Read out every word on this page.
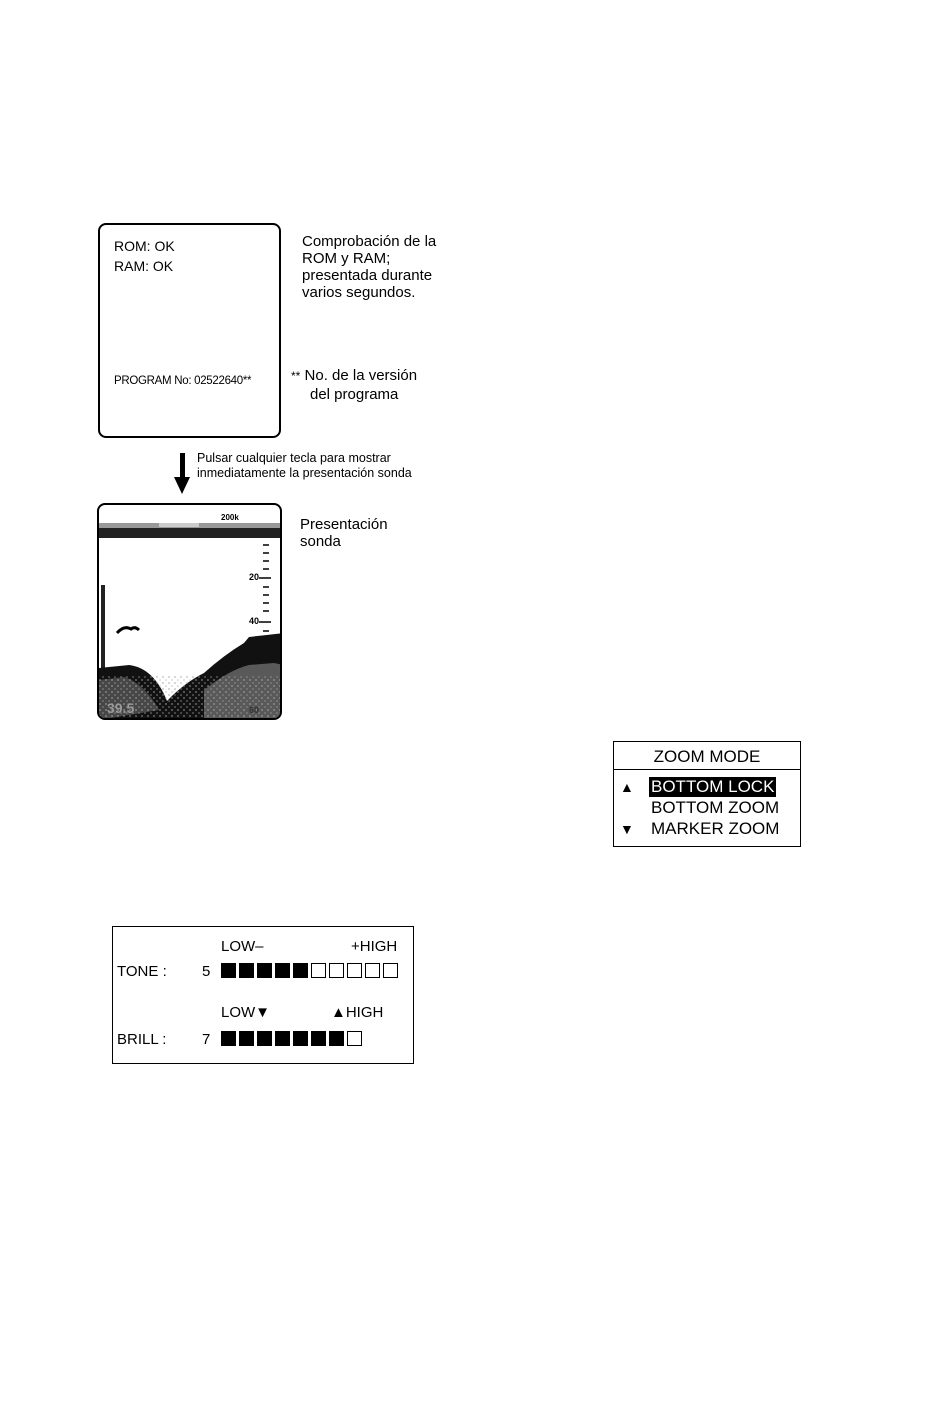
ROM: OK
RAM: OK
PROGRAM No: 02522640**
Comprobación de la
ROM y RAM;
presentada durante
varios segundos.
** No. de la versión
del programa
Pulsar cualquier tecla para mostrar
inmediatamente la presentación sonda
200k
20
40
60
39.5
Presentación
sonda
ZOOM MODE
▲ BOTTOM LOCK
BOTTOM ZOOM
▼ MARKER ZOOM
LOW–	+HIGH
TONE : 5
LOW▼	▲HIGH
BRILL : 7
